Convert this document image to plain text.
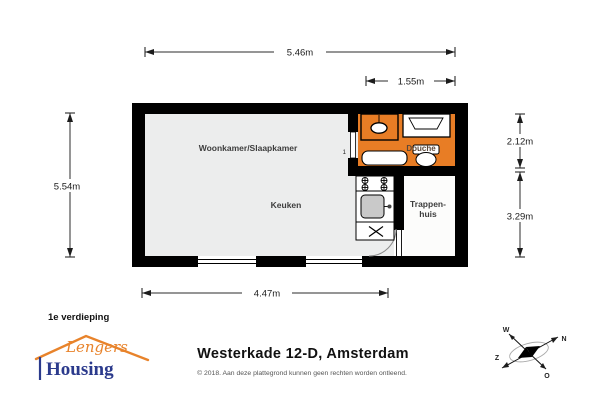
1
Woonkamer/Slaapkamer
Keuken
Douche
Trappen-
huis
5.46m
1.55m
5.54m
2.12m
3.29m
4.47m
1e verdieping
Westerkade 12-D, Amsterdam
© 2018. Aan deze plattegrond kunnen geen rechten worden ontleend.
Lengers
Housing
N
O
Z
W
